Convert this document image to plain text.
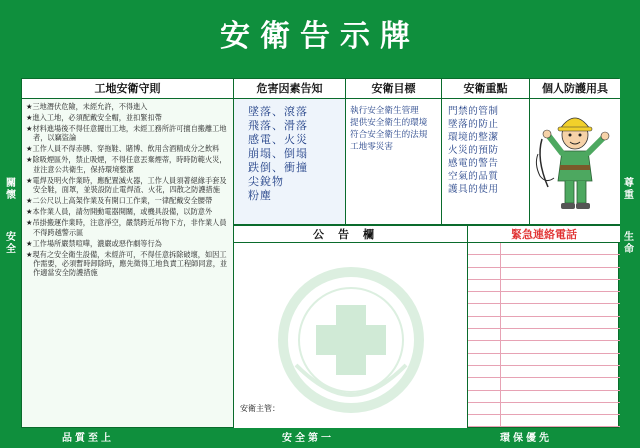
安衛告示牌
關懷
安全
尊重
生命
工地安衛守則
★三地潛伏危險，未經允許，不得進入
★進入工地，必須配戴安全帽，並扣緊扣帶
★材料進場後不得任意擺出工地，未經工務所許可擅自搬離工地者，以竊盜論
★工作人員不得赤膊、穿拖鞋、賭博、飲用含酒精成分之飲料
★除吸煙區外，禁止吸煙，不得任意丟棄煙蒂，時時防範火災，並注意公共衛生，保持環境整潔
★電焊及明火作業時，應配置滅火器，工作人員須著絕緣手套及安全鞋，面罩，並裝設防止電焊渣、火花，四散之防護措施
★二公尺以上高架作業及有開口工作業，一律配戴安全腰帶
★本作業人員，請勿開動電器開關，或機具設備，以防意外
★吊掛搬運作業時，注意淨空，嚴禁跨近吊物下方，非作業人員不得跨越警示區
★工作場所嚴禁喧嘩，濃嚴或惡作劇等行為
★現有之安全衛生設備，未經許可，不得任意拆除破壞，如因工作需要，必須暫時卸除時，應先徵得工地負責工程師同意，並作適當安全防護措施
危害因素告知
墜落、滾落
飛落、滑落
感電、火災
崩塌、倒塌
跌倒、衝撞
尖銳物
粉塵
安衛目標
執行安全衛生管理
提供安全衛生的環境
符合安全衛生的法規
工地零災害
安衛重點
門禁的管制
墜落的防止
環境的整潔
火災的預防
感電的警告
空氣的品質
護具的使用
個人防護用具
公告欄
安衛主管：
緊急連絡電話
品質至上	安全第一	環保優先
